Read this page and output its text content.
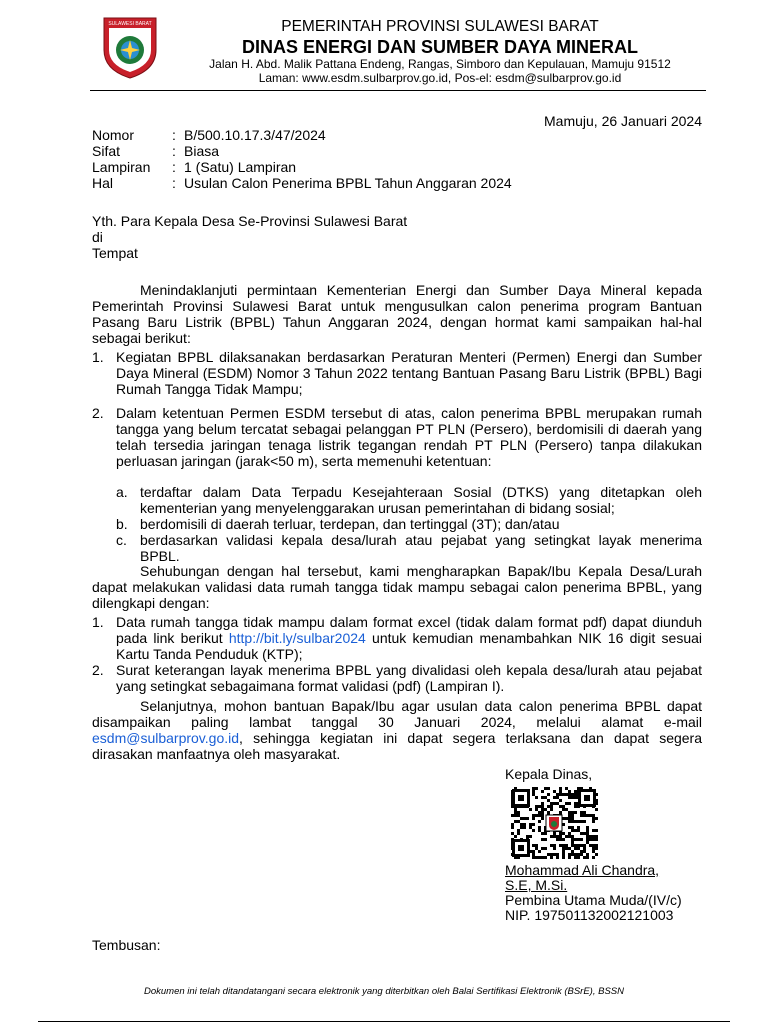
SULAWESI BARAT	PEMERINTAH PROVINSI SULAWESI BARAT
DINAS ENERGI DAN SUMBER DAYA MINERAL
Jalan H. Abd. Malik Pattana Endeng, Rangas, Simboro dan Kepulauan, Mamuju 91512
Laman: www.esdm.sulbarprov.go.id, Pos-el: esdm@sulbarprov.go.id
Mamuju, 26 Januari 2024
Nomor	: B/500.10.17.3/47/2024
Sifat	: Biasa
Lampiran	: 1 (Satu) Lampiran
Hal	: Usulan Calon Penerima BPBL Tahun Anggaran 2024
Yth. Para Kepala Desa Se-Provinsi Sulawesi Barat
di
Tempat
Menindaklanjuti permintaan Kementerian Energi dan Sumber Daya Mineral kepada Pemerintah Provinsi Sulawesi Barat untuk mengusulkan calon penerima program Bantuan Pasang Baru Listrik (BPBL) Tahun Anggaran 2024, dengan hormat kami sampaikan hal-hal sebagai berikut:
1. Kegiatan BPBL dilaksanakan berdasarkan Peraturan Menteri (Permen) Energi dan Sumber Daya Mineral (ESDM) Nomor 3 Tahun 2022 tentang Bantuan Pasang Baru Listrik (BPBL) Bagi Rumah Tangga Tidak Mampu;
2. Dalam ketentuan Permen ESDM tersebut di atas, calon penerima BPBL merupakan rumah tangga yang belum tercatat sebagai pelanggan PT PLN (Persero), berdomisili di daerah yang telah tersedia jaringan tenaga listrik tegangan rendah PT PLN (Persero) tanpa dilakukan perluasan jaringan (jarak<50 m), serta memenuhi ketentuan:
a. terdaftar dalam Data Terpadu Kesejahteraan Sosial (DTKS) yang ditetapkan oleh kementerian yang menyelenggarakan urusan pemerintahan di bidang sosial;
b. berdomisili di daerah terluar, terdepan, dan tertinggal (3T); dan/atau
c. berdasarkan validasi kepala desa/lurah atau pejabat yang setingkat layak menerima BPBL.
Sehubungan dengan hal tersebut, kami mengharapkan Bapak/Ibu Kepala Desa/Lurah dapat melakukan validasi data rumah tangga tidak mampu sebagai calon penerima BPBL, yang dilengkapi dengan:
1. Data rumah tangga tidak mampu dalam format excel (tidak dalam format pdf) dapat diunduh pada link berikut http://bit.ly/sulbar2024 untuk kemudian menambahkan NIK 16 digit sesuai Kartu Tanda Penduduk (KTP);
2. Surat keterangan layak menerima BPBL yang divalidasi oleh kepala desa/lurah atau pejabat yang setingkat sebagaimana format validasi (pdf) (Lampiran I).
Selanjutnya, mohon bantuan Bapak/Ibu agar usulan data calon penerima BPBL dapat disampaikan paling lambat tanggal 30 Januari 2024, melalui alamat e-mail esdm@sulbarprov.go.id, sehingga kegiatan ini dapat segera terlaksana dan dapat segera dirasakan manfaatnya oleh masyarakat.
Kepala Dinas,
Mohammad Ali Chandra,
S.E, M.Si.
Pembina Utama Muda/(IV/c)
NIP. 197501132002121003
Tembusan:
Dokumen ini telah ditandatangani secara elektronik yang diterbitkan oleh Balai Sertifikasi Elektronik (BSrE), BSSN
